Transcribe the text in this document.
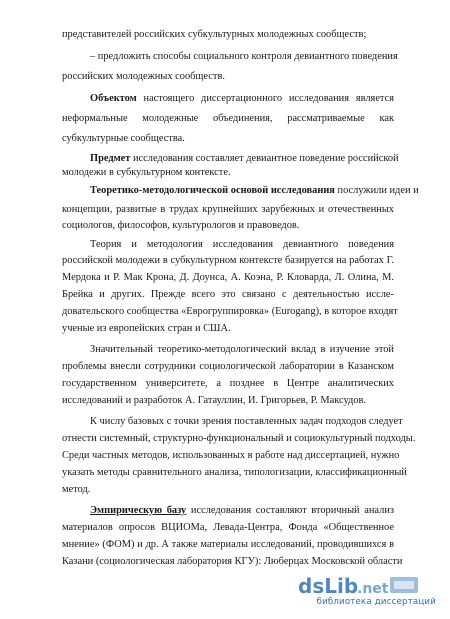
представителей российских субкультурных молодежных сообществ;
– предложить способы социального контроля девиантного поведения
российских молодежных сообществ.
Объектом настоящего диссертационного исследования является
неформальные молодежные объединения, рассматриваемые как
субкультурные сообщества.
Предмет исследования составляет девиантное поведение российской
молодежи в субкультурном контексте.
Теоретико-методологической основой исследования послужили идеи и
концепции, развитые в трудах крупнейших зарубежных и отечественных
социологов, философов, культурологов и правоведов.
Теория и методология исследования девиантного поведения
российской молодежи в субкультурном контексте базируется на работах Г.
Мердока и Р. Мак Крона, Д. Доунса, А. Коэна, Р. Кловарда, Л. Олина, М.
Брейка и других. Прежде всего это связано с деятельностью иссле-
довательского сообщества «Еврогруппировка» (Eurogang), в которое входят
ученые из европейских стран и США.
Значительный теоретико-методологический вклад в изучение этой
проблемы внесли сотрудники социологической лаборатории в Казанском
государственном университете, а позднее в Центре аналитических
исследований и разработок А. Гатауллин, И. Григорьев, Р. Максудов.
К числу базовых с точки зрения поставленных задач подходов следует
отнести системный, структурно-функциональный и социокультурный подходы.
Среди частных методов, использованных в работе над диссертацией, нужно
указать методы сравнительного анализа, типологизации, классификационный
метод.
Эмпирическую базу исследования составляют вторичный анализ
материалов опросов ВЦИОМа, Левада-Центра, Фонда «Общественное
мнение» (ФОМ) и др. А также материалы исследований, проводившихся в
Казани (социологическая лаборатория КГУ): Люберцах Московской области
dsLib
.net
библиотека диссертаций
